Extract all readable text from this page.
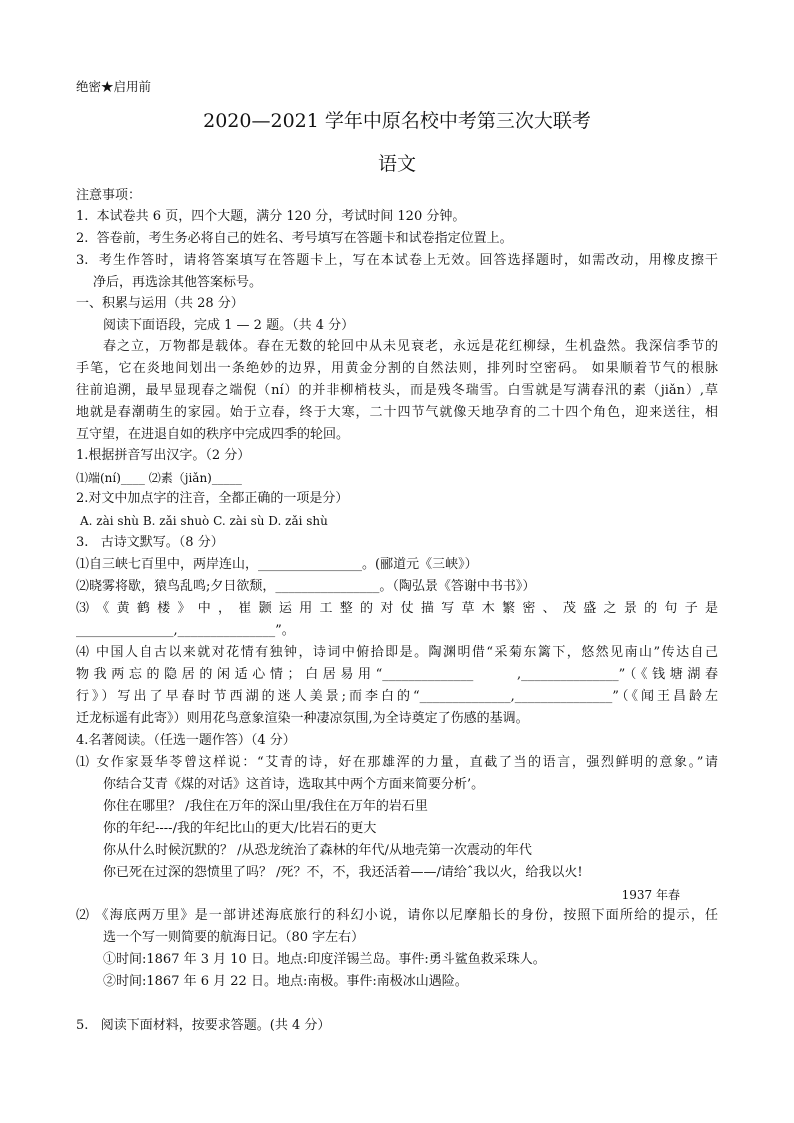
绝密★启用前
2020—2021 学年中原名校中考第三次大联考
语文
注意事项：
1.  本试卷共 6 页，四个大题，满分 120 分，考试时间 120 分钟。
2.  答卷前，考生务必将自己的姓名、考号填写在答题卡和试卷指定位置上。
3.  考生作答时，请将答案填写在答题卡上，写在本试卷上无效。回答选择题时，如需改动，用橡皮擦干
净后，再选涂其他答案标号。
一、积累与运用（共 28 分）
阅读下面语段，完成 1 — 2 题。（共 4 分）
春之立，万物都是载体。春在无数的轮回中从未见衰老，永远是花红柳绿，生机盎然。我深信季节的
手笔，它在炎地间划出一条绝妙的边界，用黄金分割的自然法则，排列时空密码。 如果顺着节气的根脉
往前追溯，最早显现春之端倪（ní）的并非柳梢枝头，而是残冬瑞雪。白雪就是写满春汛的素（jiǎn）,草
地就是春潮萌生的家园。始于立春，终于大寒，二十四节气就像天地孕育的二十四个角色，迎来送往，相
互守望，在进退自如的秩序中完成四季的轮回。
1.根据拼音写出汉字。（2 分）
⑴端(ní)____ ⑵素（jiǎn)_____
2.对文中加点字的注音，全都正确的一项是分）
A. zài shù B. zǎi shuò C. zài sù D. zǎi shù
3.   古诗文默写。（8 分）
⑴自三峡七百里中，两岸连山，________________。(郦道元《三峡》）
⑵晓雾将歇，猿鸟乱鸣;夕日欲颓，________________。（陶弘景《答谢中书书》）
⑶《黄鹤楼》中，崔颢运用工整的对仗描写草木繁密、茂盛之景的句子是
_______________,_______________”。
⑷ 中国人自古以来就对花情有独钟，诗词中俯拾即是。陶渊明借“采菊东篱下，悠然见南山”传达自己
物我两忘的隐居的闲适心情；白居易用“______________     ,_______________”（《钱塘湖春
行》）写出了早春时节西湖的迷人美景;而李白的“______________,_______________”（《闻王昌龄左
迁龙标遥有此寄》）则用花鸟意象渲染一种凄凉氛围,为全诗奠定了伤感的基调。
4.名著阅读。（任选一题作答）（4 分）
⑴ 女作家聂华苓曾这样说：“艾青的诗，好在那雄浑的力量，直截了当的语言，强烈鲜明的意象。”请
你结合艾青《煤的对话》这首诗，选取其中两个方面来简要分析’。
你住在哪里？ /我住在万年的深山里/我住在万年的岩石里
你的年纪----/我的年纪比山的更大/比岩石的更大
你从什么时候沉默的？ /从恐龙统治了森林的年代/从地壳第一次震动的年代
你已死在过深的怨愤里了吗？ /死？不，不，我还活着——/请给ˆ我以火，给我以火!
1937 年春
⑵ 《海底两万里》是一部讲述海底旅行的科幻小说，请你以尼摩船长的身份，按照下面所给的提示，任
选一个写一则简要的航海日记。（80 字左右）
①时间:1867 年 3 月 10 日。地点:印度洋锡兰岛。事件:勇斗鲨鱼救采珠人。
②时间:1867 年 6 月 22 日。地点:南极。事件:南极冰山遇险。
5.   阅读下面材料，按要求答题。(共 4 分）
